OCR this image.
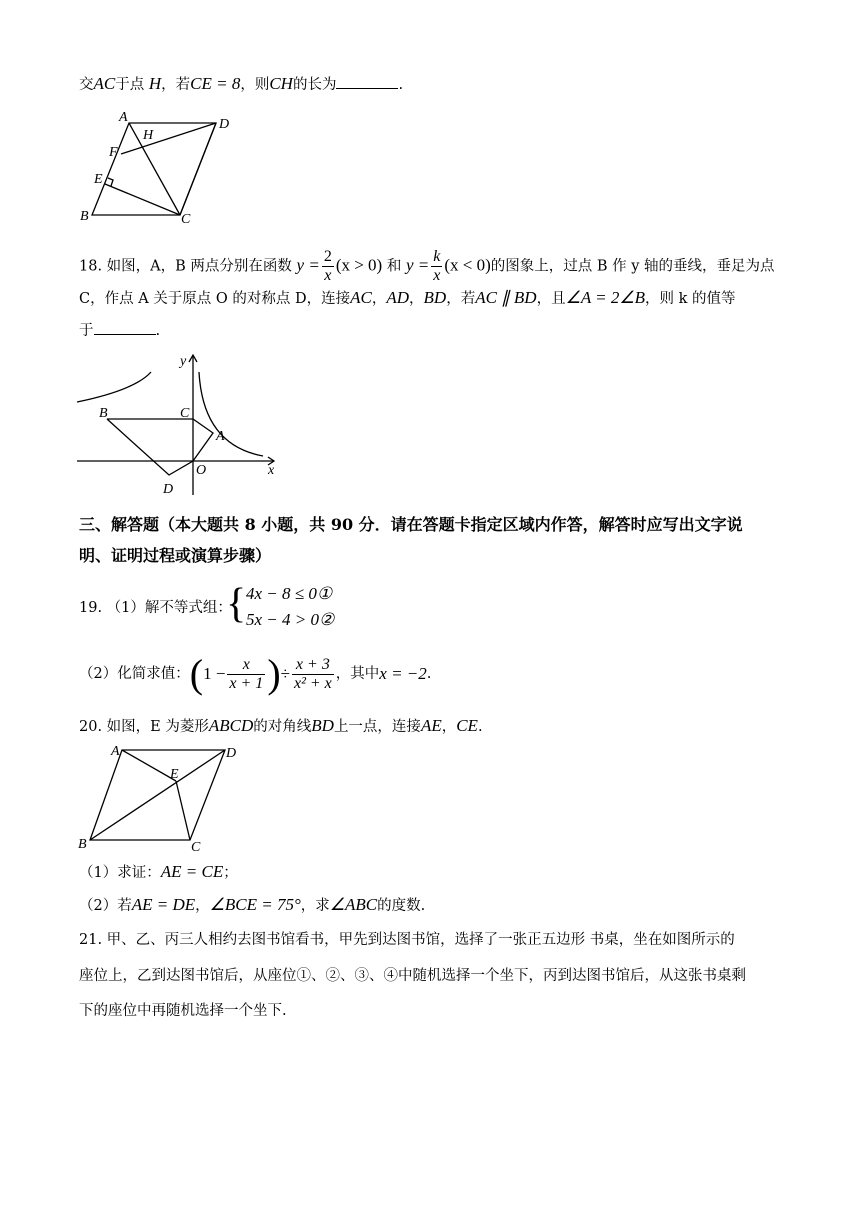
交AC于点 H，若CE = 8，则CH的长为	.
A
H
D
F
E
B	C
18. 如图，A，B 两点分别在函数 $y = \frac{2}{x} (x > 0)$ 和 $y = \frac{k}{x} (x < 0)$的图象上，过点 B 作 y 轴的垂线，垂足为点
C，作点 A 关于原点 O 的对称点 D，连接AC，AD，BD，若AC ∥ BD，且∠A = 2∠B，则 k 的值等
于	.
y
B	C
A
O	x
D
三、解答题（本大题共 8 小题，共 90 分．请在答题卡指定区域内作答，解答时应写出文字说
明、证明过程或演算步骤）
19. （1）解不等式组：
{ 4x − 8 ≤ 0①
5x − 4 > 0②
（2）化简求值：($1 - \frac{x}{x + 1}$ )÷ $\frac{x + 3}{\text{x² + x}}$ ，其中x = −2.
20. 如图，E 为菱形ABCD的对角线BD上一点，连接AE，CE.
A	D
E
B	C
（1）求证：AE = CE；
（2）若AE = DE，∠BCE = 75°，求∠ABC的度数.
21. 甲、乙、丙三人相约去图书馆看书，甲先到达图书馆，选择了一张正五边形 书桌，坐在如图所示的
座位上，乙到达图书馆后，从座位①、②、③、④中随机选择一个坐下，丙到达图书馆后，从这张书桌剩
下的座位中再随机选择一个坐下.
